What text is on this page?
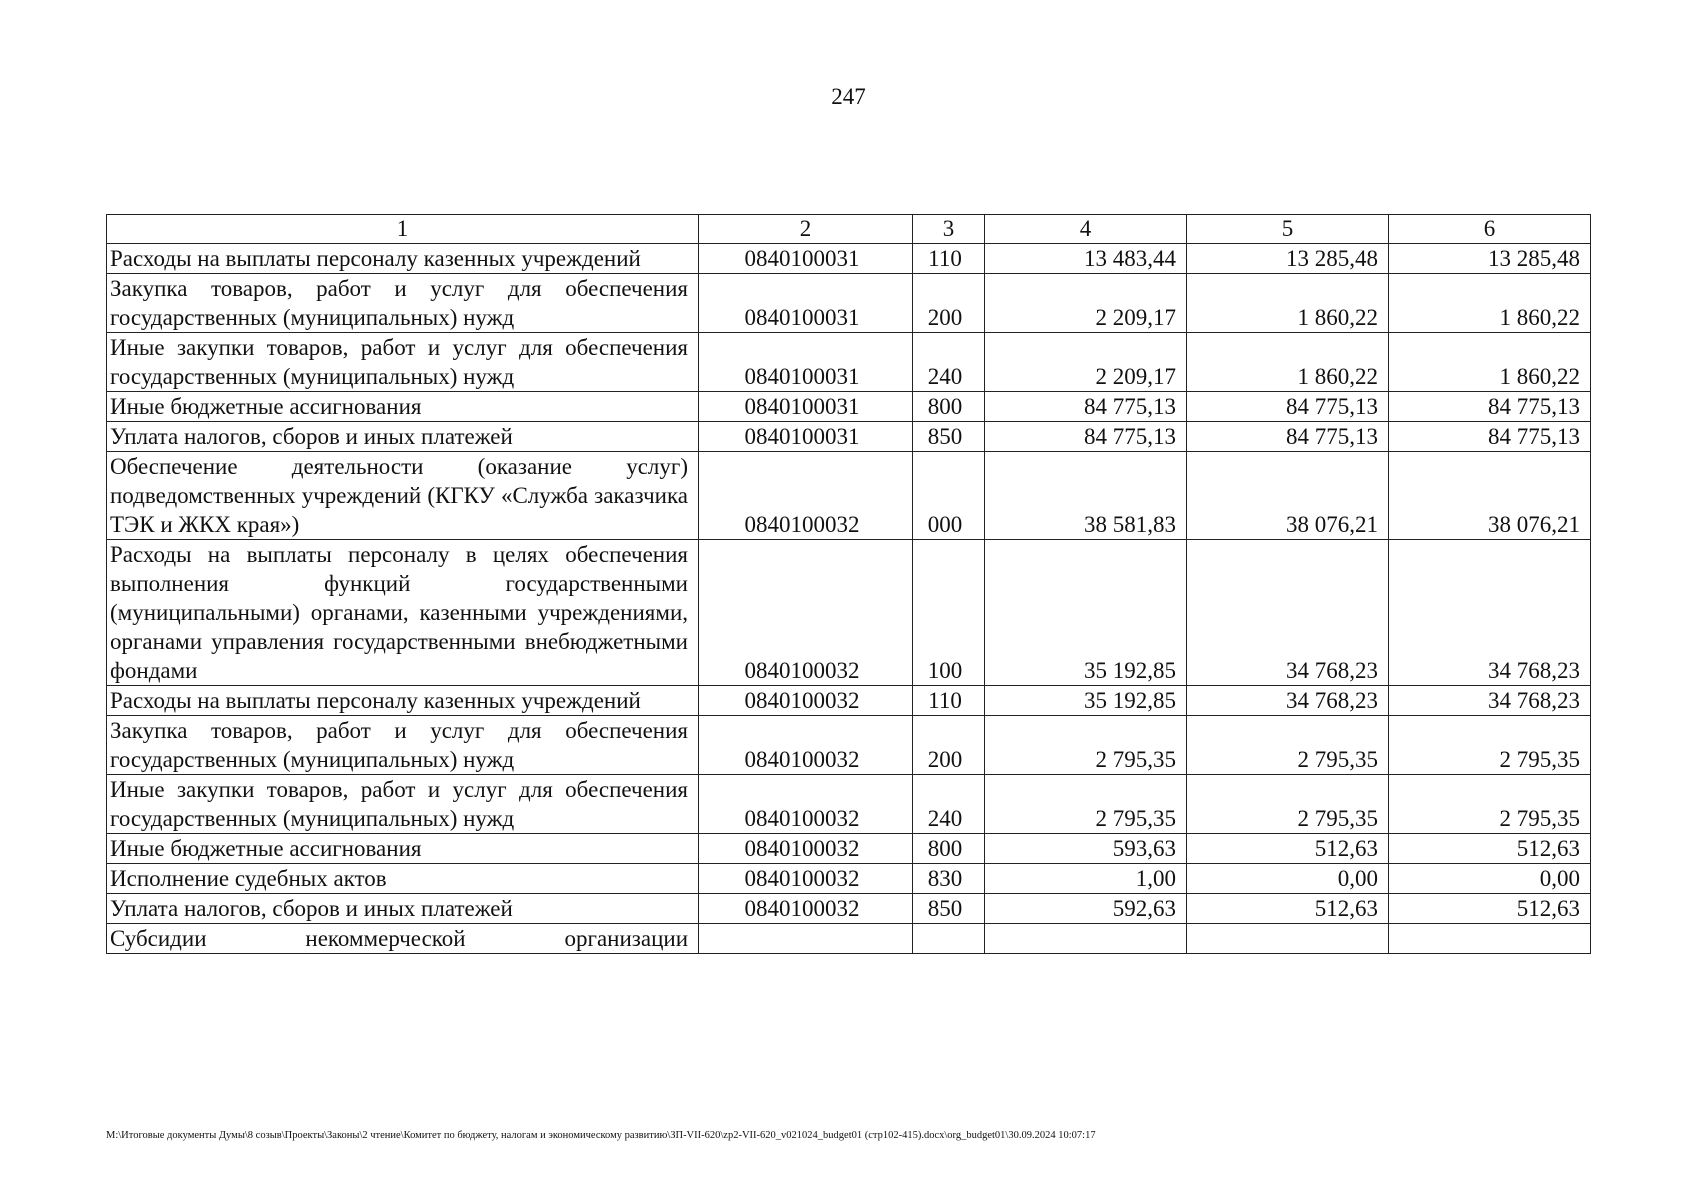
247
1	2	3	4	5	6
Расходы на выплаты персоналу казенных учреждений	0840100031	110	13 483,44	13 285,48	13 285,48
Закупка товаров, работ и услуг для обеспечения государственных (муниципальных) нужд	0840100031	200	2 209,17	1 860,22	1 860,22
Иные закупки товаров, работ и услуг для обеспечения государственных (муниципальных) нужд	0840100031	240	2 209,17	1 860,22	1 860,22
Иные бюджетные ассигнования	0840100031	800	84 775,13	84 775,13	84 775,13
Уплата налогов, сборов и иных платежей	0840100031	850	84 775,13	84 775,13	84 775,13
Обеспечение деятельности (оказание услуг) подведомственных учреждений (КГКУ «Служба заказчика ТЭК и ЖКХ края»)	0840100032	000	38 581,83	38 076,21	38 076,21
Расходы на выплаты персоналу в целях обеспечения выполнения функций государственными (муниципальными) органами, казенными учреждениями, органами управления государственными внебюджетными фондами	0840100032	100	35 192,85	34 768,23	34 768,23
Расходы на выплаты персоналу казенных учреждений	0840100032	110	35 192,85	34 768,23	34 768,23
Закупка товаров, работ и услуг для обеспечения государственных (муниципальных) нужд	0840100032	200	2 795,35	2 795,35	2 795,35
Иные закупки товаров, работ и услуг для обеспечения государственных (муниципальных) нужд	0840100032	240	2 795,35	2 795,35	2 795,35
Иные бюджетные ассигнования	0840100032	800	593,63	512,63	512,63
Исполнение судебных актов	0840100032	830	1,00	0,00	0,00
Уплата налогов, сборов и иных платежей	0840100032	850	592,63	512,63	512,63
Субсидии некоммерческой организации					
M:\Итоговые документы Думы\8 созыв\Проекты\Законы\2 чтение\Комитет по бюджету, налогам и экономическому развитию\ЗП-VII-620\zp2-VII-620_v021024_budget01 (стр102-415).docx\org_budget01\30.09.2024 10:07:17
